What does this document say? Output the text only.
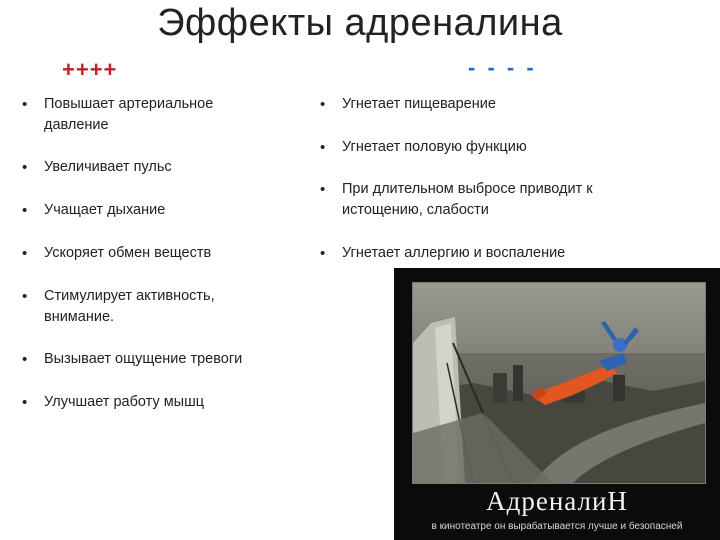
Эффекты адреналина
++++	- - - -
• Повышает артериальное давление
• Увеличивает пульс
• Учащает дыхание
• Ускоряет обмен веществ
• Стимулирует активность, внимание.
• Вызывает ощущение тревоги
• Улучшает работу мышц
• Угнетает пищеварение
• Угнетает половую функцию
• При длительном выбросе приводит к истощению, слабости
• Угнетает аллергию и воспаление
АдреналиН
в кинотеатре он вырабатывается лучше и безопасней
